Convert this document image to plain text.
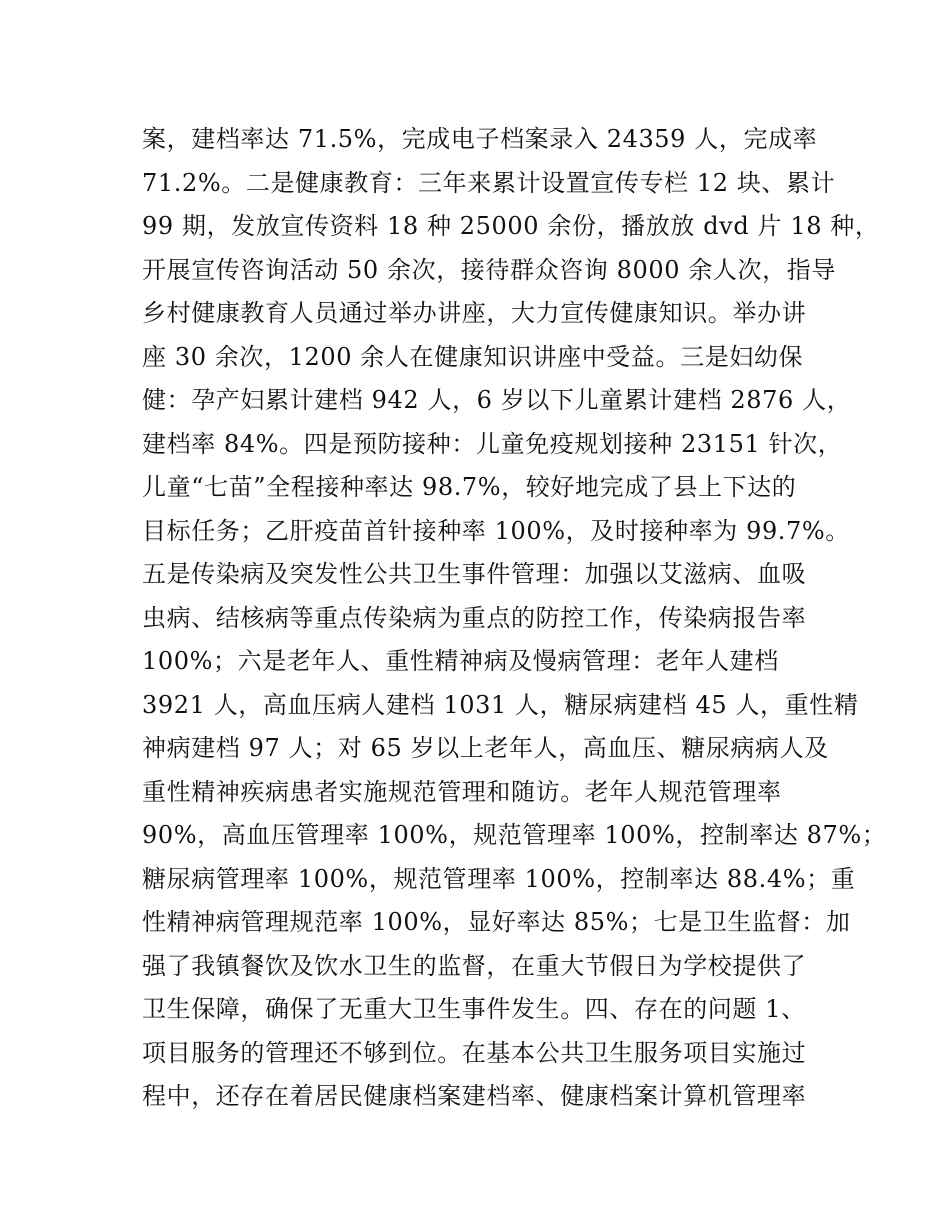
案，建档率达 71.5%，完成电子档案录入 24359 人，完成率
71.2%。二是健康教育：三年来累计设置宣传专栏 12 块、累计
99 期，发放宣传资料 18 种 25000 余份，播放放 dvd 片 18 种，
开展宣传咨询活动 50 余次，接待群众咨询 8000 余人次，指导
乡村健康教育人员通过举办讲座，大力宣传健康知识。举办讲
座 30 余次，1200 余人在健康知识讲座中受益。三是妇幼保
健：孕产妇累计建档 942 人，6 岁以下儿童累计建档 2876 人，
建档率 84%。四是预防接种：儿童免疫规划接种 23151 针次，
儿童“七苗”全程接种率达 98.7%，较好地完成了县上下达的
目标任务；乙肝疫苗首针接种率 100%，及时接种率为 99.7%。
五是传染病及突发性公共卫生事件管理：加强以艾滋病、血吸
虫病、结核病等重点传染病为重点的防控工作，传染病报告率
100%；六是老年人、重性精神病及慢病管理：老年人建档
3921 人，高血压病人建档 1031 人，糖尿病建档 45 人，重性精
神病建档 97 人；对 65 岁以上老年人，高血压、糖尿病病人及
重性精神疾病患者实施规范管理和随访。老年人规范管理率
90%，高血压管理率 100%，规范管理率 100%，控制率达 87%；
糖尿病管理率 100%，规范管理率 100%，控制率达 88.4%；重
性精神病管理规范率 100%，显好率达 85%；七是卫生监督：加
强了我镇餐饮及饮水卫生的监督，在重大节假日为学校提供了
卫生保障，确保了无重大卫生事件发生。四、存在的问题 1、
项目服务的管理还不够到位。在基本公共卫生服务项目实施过
程中，还存在着居民健康档案建档率、健康档案计算机管理率
